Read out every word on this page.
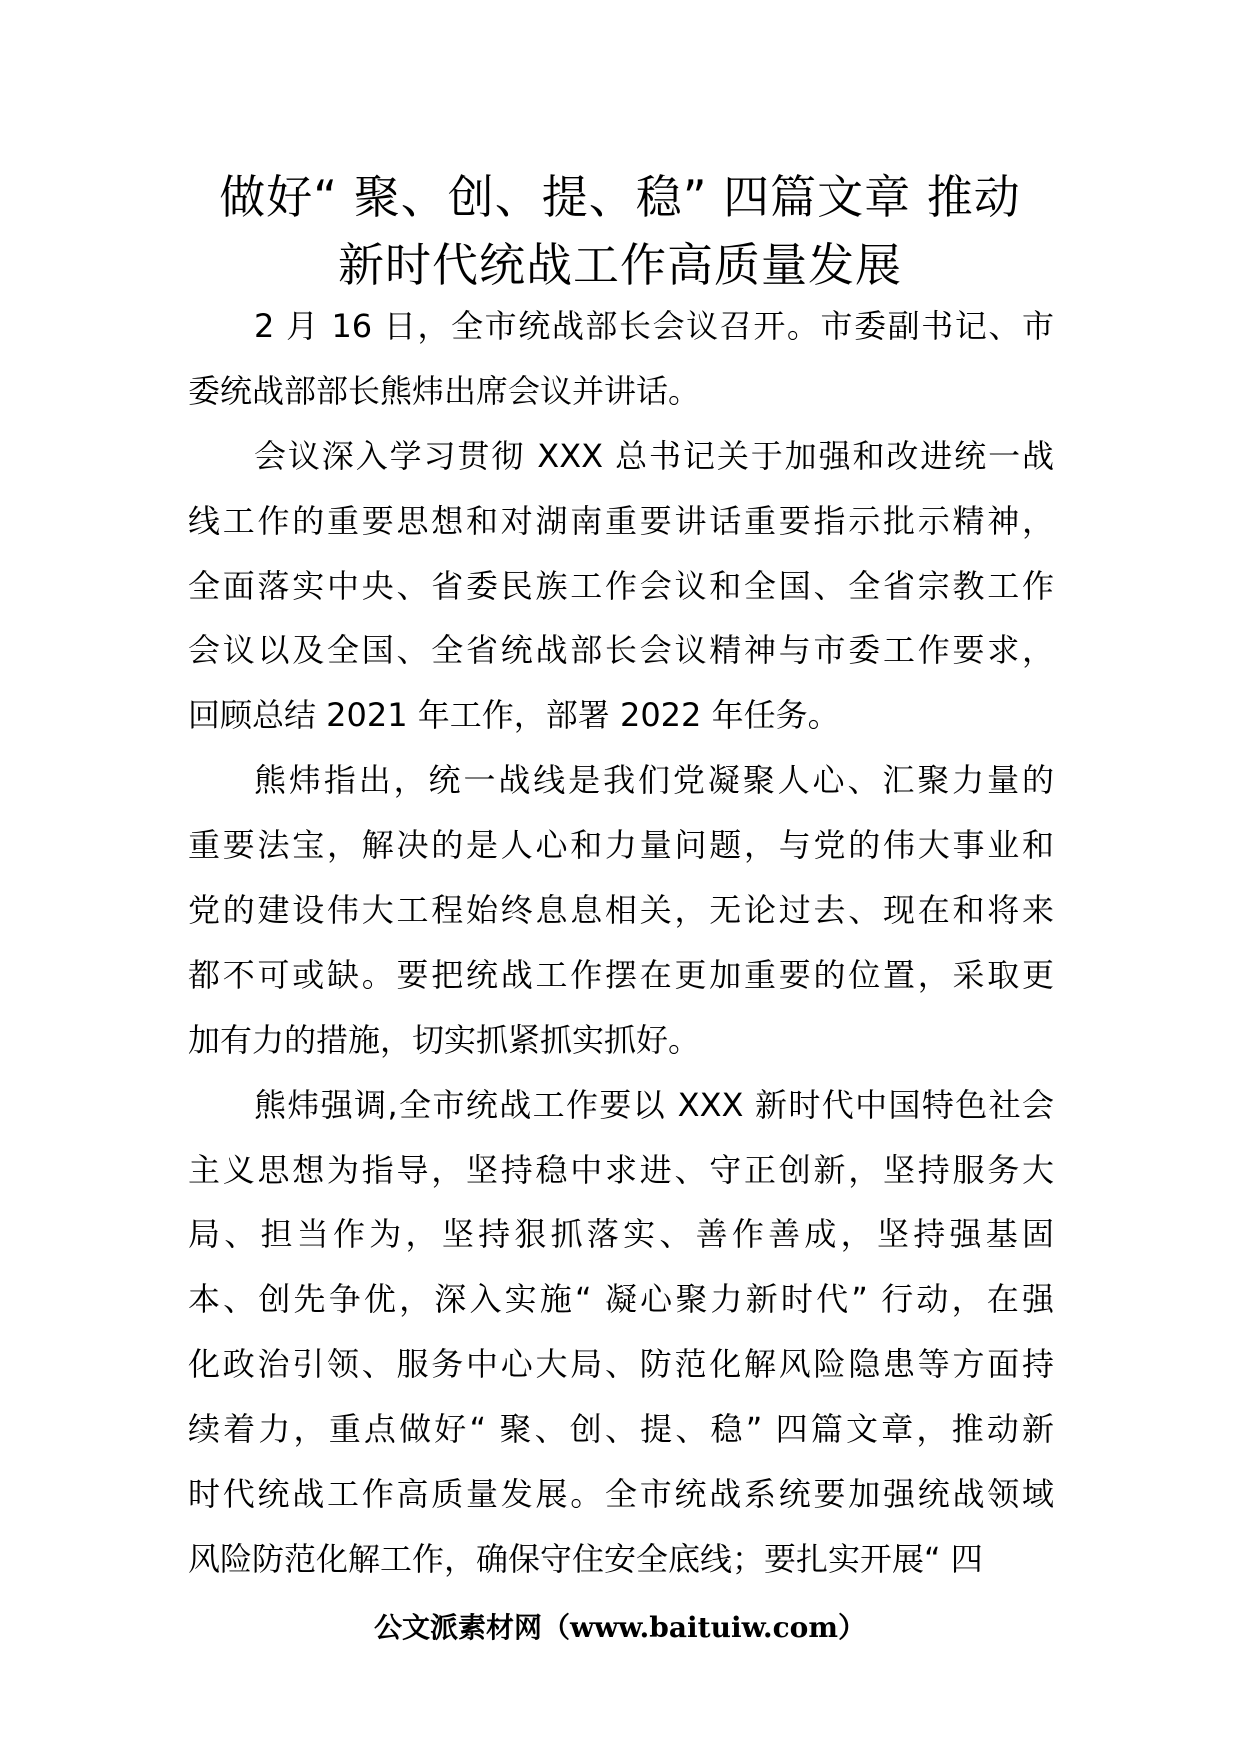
做好“ 聚、创、提、稳” 四篇文章 推动
新时代统战工作高质量发展
2 月 16 日，全市统战部长会议召开。市委副书记、市
委统战部部长熊炜出席会议并讲话。
会议深入学习贯彻 XXX 总书记关于加强和改进统一战
线工作的重要思想和对湖南重要讲话重要指示批示精神，
全面落实中央、省委民族工作会议和全国、全省宗教工作
会议以及全国、全省统战部长会议精神与市委工作要求，
回顾总结 2021 年工作，部署 2022 年任务。
熊炜指出，统一战线是我们党凝聚人心、汇聚力量的
重要法宝，解决的是人心和力量问题，与党的伟大事业和
党的建设伟大工程始终息息相关，无论过去、现在和将来
都不可或缺。要把统战工作摆在更加重要的位置，采取更
加有力的措施，切实抓紧抓实抓好。
熊炜强调,全市统战工作要以 XXX 新时代中国特色社会
主义思想为指导，坚持稳中求进、守正创新，坚持服务大
局、担当作为，坚持狠抓落实、善作善成，坚持强基固
本、创先争优，深入实施“ 凝心聚力新时代” 行动，在强
化政治引领、服务中心大局、防范化解风险隐患等方面持
续着力，重点做好“ 聚、创、提、稳” 四篇文章，推动新
时代统战工作高质量发展。全市统战系统要加强统战领域
风险防范化解工作，确保守住安全底线；要扎实开展“ 四
公文派素材网（www.baituiw.com）
